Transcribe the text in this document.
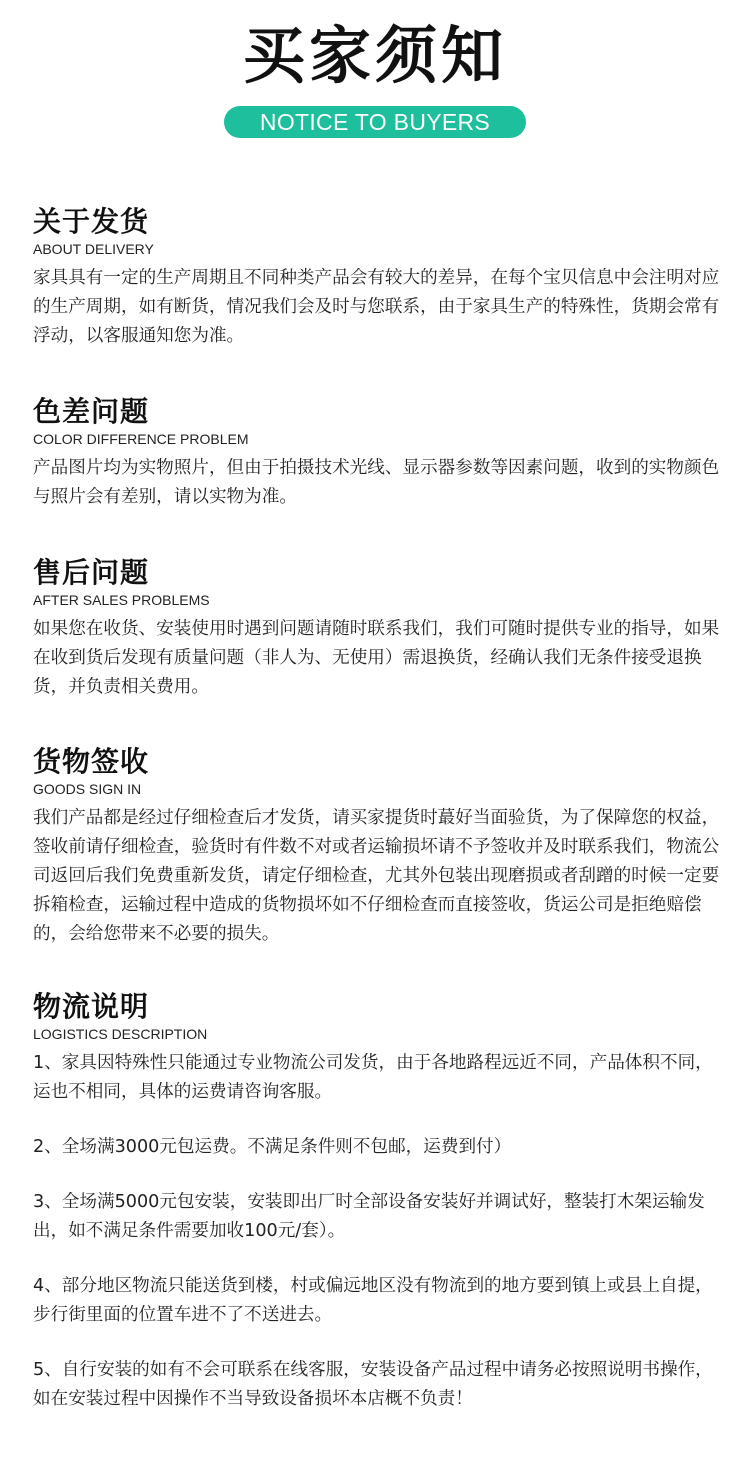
买家须知
NOTICE TO BUYERS
关于发货
ABOUT DELIVERY

家具具有一定的生产周期且不同种类产品会有较大的差异，在每个宝贝信息中会注明对应的生产周期，如有断货，情况我们会及时与您联系，由于家具生产的特殊性，货期会常有浮动，以客服通知您为准。

色差问题
COLOR DIFFERENCE PROBLEM

产品图片均为实物照片，但由于拍摄技术光线、显示器参数等因素问题，收到的实物颜色与照片会有差别，请以实物为准。

售后问题
AFTER SALES PROBLEMS

如果您在收货、安装使用时遇到问题请随时联系我们，我们可随时提供专业的指导，如果在收到货后发现有质量问题（非人为、无使用）需退换货，经确认我们无条件接受退换货，并负责相关费用。

货物签收
GOODS SIGN IN

我们产品都是经过仔细检查后才发货，请买家提货时蕞好当面验货，为了保障您的权益，签收前请仔细检查，验货时有件数不对或者运输损坏请不予签收并及时联系我们，物流公司返回后我们免费重新发货，请定仔细检查，尤其外包装出现磨损或者刮蹭的时候一定要拆箱检查，运输过程中造成的货物损坏如不仔细检查而直接签收，货运公司是拒绝赔偿的，会给您带来不必要的损失。

物流说明
LOGISTICS DESCRIPTION

1、家具因特殊性只能通过专业物流公司发货，由于各地路程远近不同，产品体积不同，运也不相同，具体的运费请咨询客服。

2、全场满3000元包运费。不满足条件则不包邮，运费到付）

3、全场满5000元包安装，安装即出厂时全部设备安装好并调试好，整装打木架运输发出，如不满足条件需要加收100元/套）。

4、部分地区物流只能送货到楼，村或偏远地区没有物流到的地方要到镇上或县上自提，步行街里面的位置车进不了不送进去。

5、自行安装的如有不会可联系在线客服，安装设备产品过程中请务必按照说明书操作，如在安装过程中因操作不当导致设备损坏本店概不负责！
